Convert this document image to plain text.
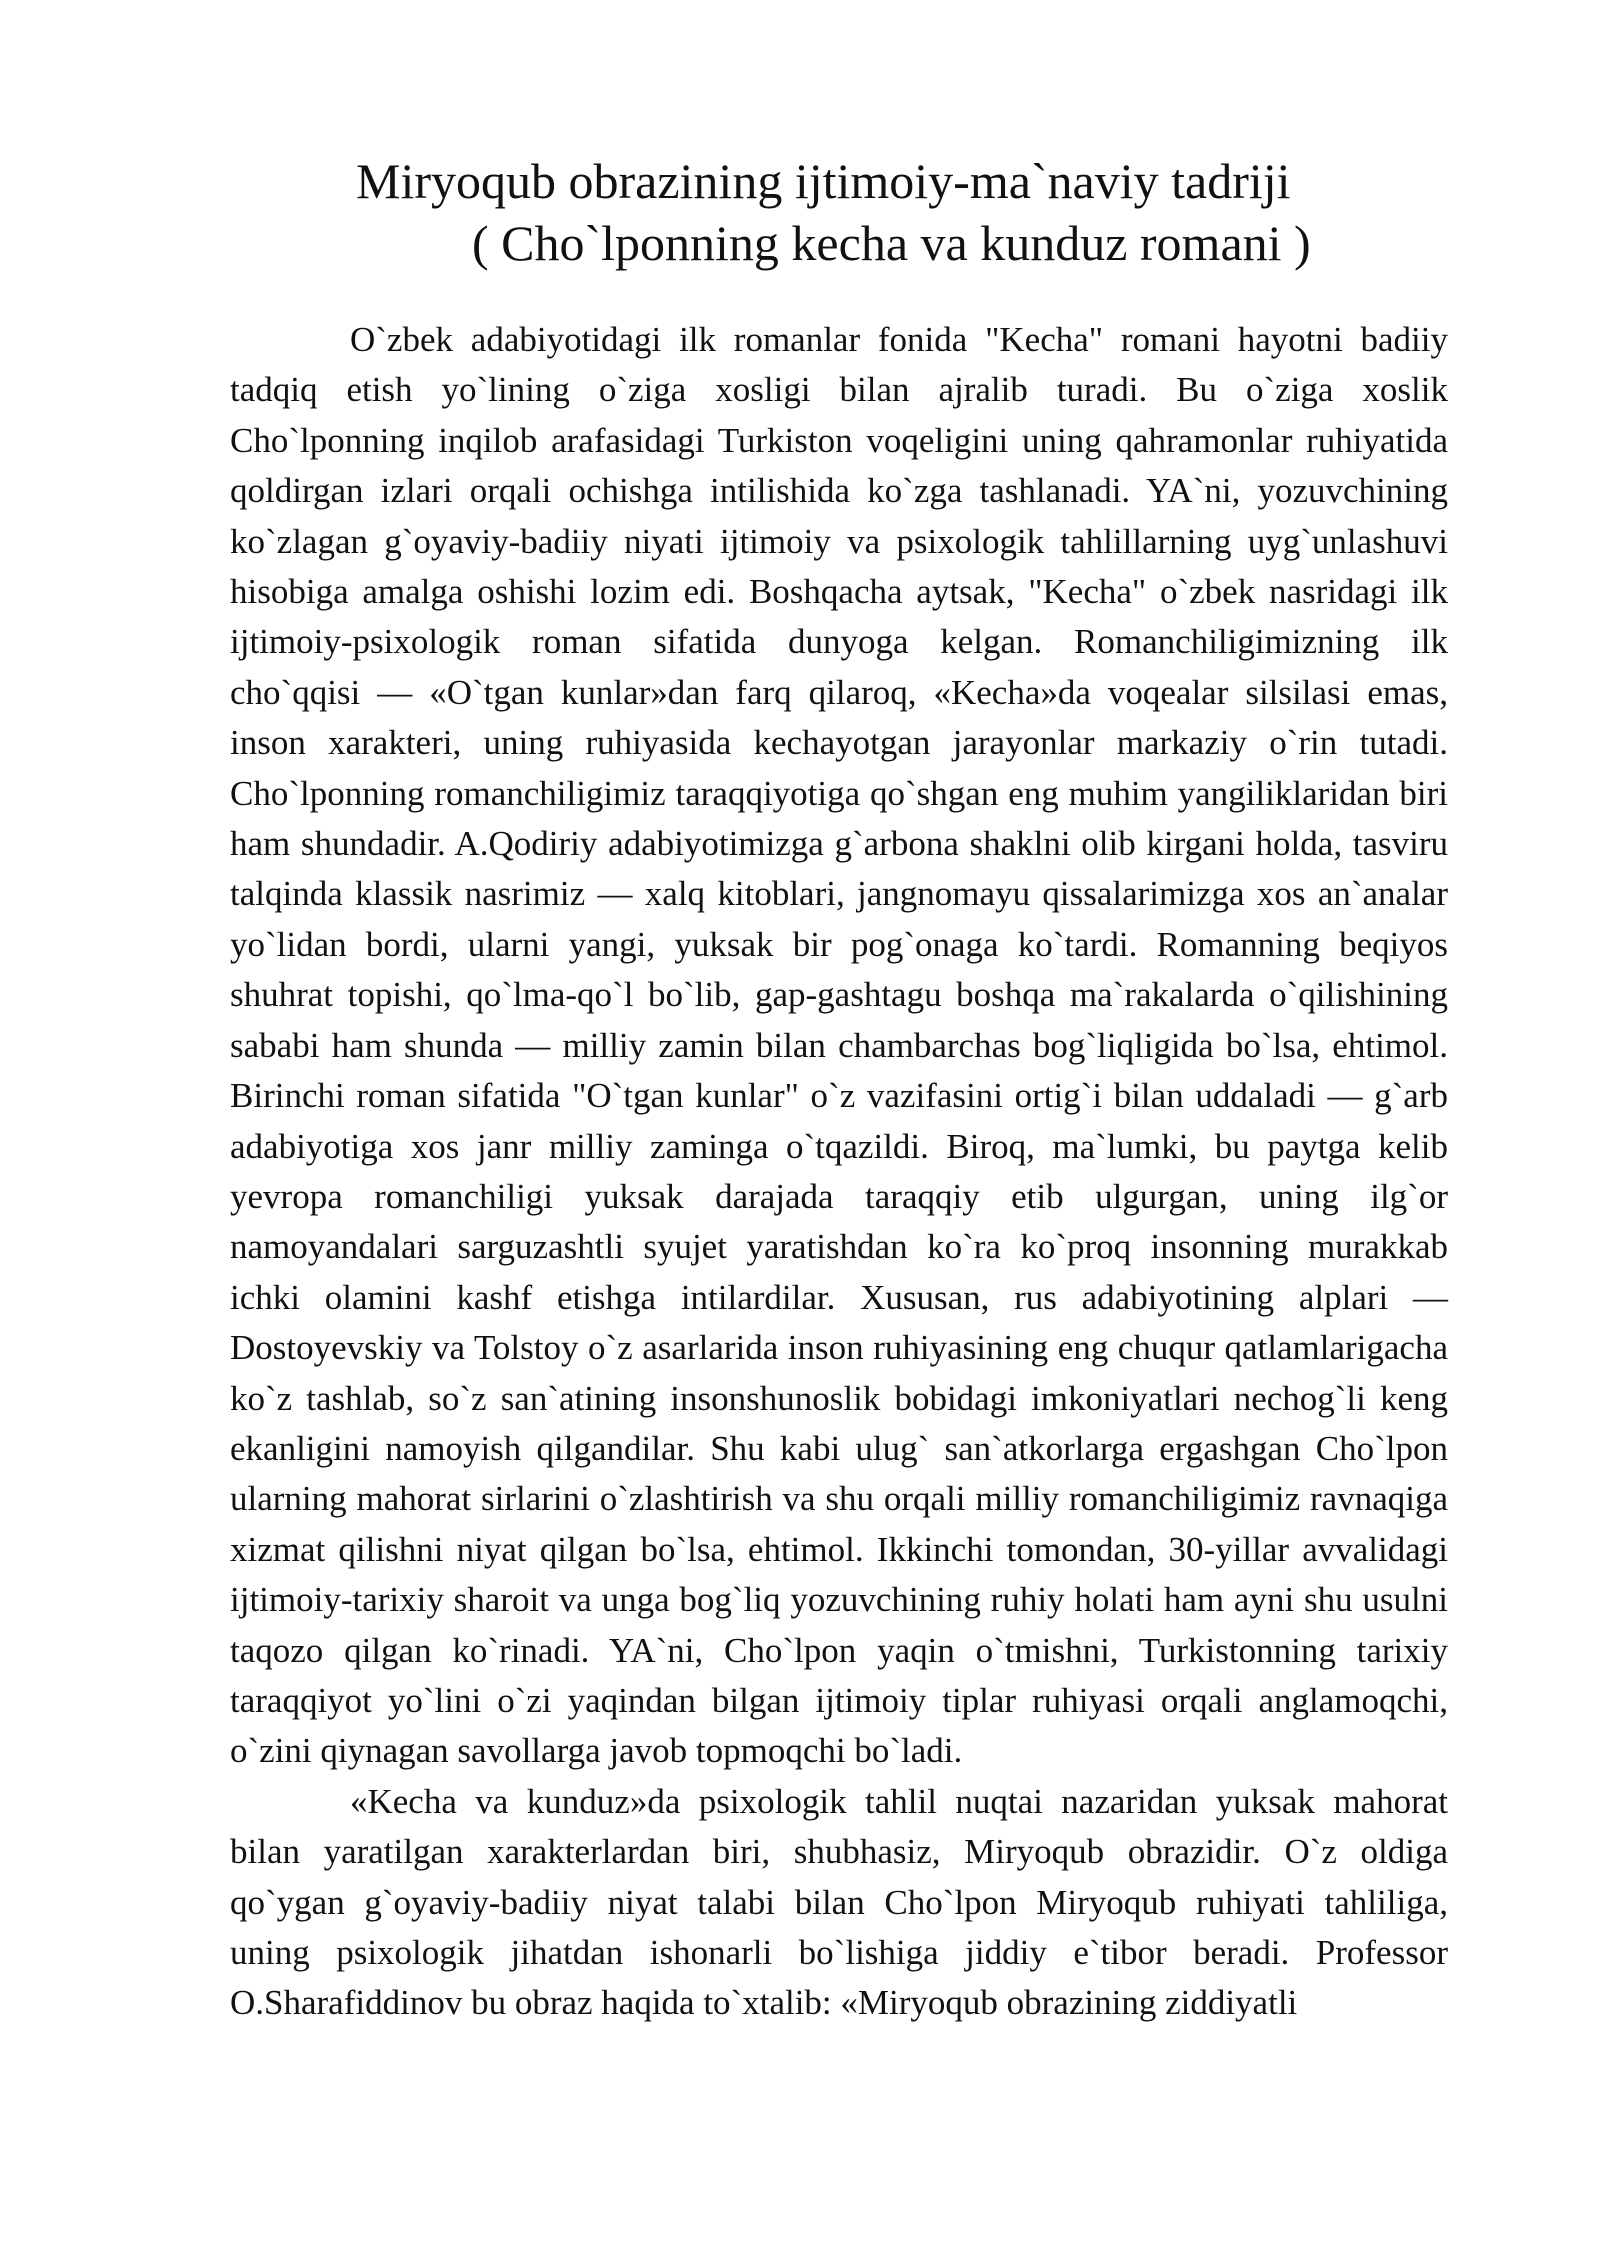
Miryoqub obrazining ijtimoiy-ma`naviy tadriji
( Cho`lponning kecha va kunduz romani )

O`zbek adabiyotidagi ilk romanlar fonida "Kecha" romani hayotni badiiy tadqiq etish yo`lining o`ziga xosligi bilan ajralib turadi. Bu o`ziga xoslik Cho`lponning inqilob arafasidagi Turkiston voqeligini uning qahramonlar ruhiyatida qoldirgan izlari orqali ochishga intilishida ko`zga tashlanadi. YA`ni, yozuvchining ko`zlagan g`oyaviy-badiiy niyati ijtimoiy va psixologik tahlillarning uyg`unlashuvi hisobiga amalga oshishi lozim edi. Boshqacha aytsak, "Kecha" o`zbek nasridagi ilk ijtimoiy-psixologik roman sifatida dunyoga kelgan. Romanchiligimizning ilk cho`qqisi — «O`tgan kunlar»dan farq qilaroq, «Kecha»da voqealar silsilasi emas, inson xarakteri, uning ruhiyasida kechayotgan jarayonlar markaziy o`rin tutadi. Cho`lponning romanchiligimiz taraqqiyotiga qo`shgan eng muhim yangiliklaridan biri ham shundadir. A.Qodiriy adabiyotimizga g`arbona shaklni olib kirgani holda, tasviru talqinda klassik nasrimiz — xalq kitoblari, jangnomayu qissalarimizga xos an`analar yo`lidan bordi, ularni yangi, yuksak bir pog`onaga ko`tardi. Romanning beqiyos shuhrat topishi, qo`lma-qo`l bo`lib, gap-gashtagu boshqa ma`rakalarda o`qilishining sababi ham shunda — milliy zamin bilan chambarchas bog`liqligida bo`lsa, ehtimol. Birinchi roman sifatida "O`tgan kunlar" o`z vazifasini ortig`i bilan uddaladi — g`arb adabiyotiga xos janr milliy zaminga o`tqazildi. Biroq, ma`lumki, bu paytga kelib yevropa romanchiligi yuksak darajada taraqqiy etib ulgurgan, uning ilg`or namoyandalari sarguzashtli syujet yaratishdan ko`ra ko`proq insonning murakkab ichki olamini kashf etishga intilardilar. Xususan, rus adabiyotining alplari — Dostoyevskiy va Tolstoy o`z asarlarida inson ruhiyasining eng chuqur qatlamlarigacha ko`z tashlab, so`z san`atining insonshunoslik bobidagi imkoniyatlari nechog`li keng ekanligini namoyish qilgandilar. Shu kabi ulug` san`atkorlarga ergashgan Cho`lpon ularning mahorat sirlarini o`zlashtirish va shu orqali milliy romanchiligimiz ravnaqiga xizmat qilishni niyat qilgan bo`lsa, ehtimol. Ikkinchi tomondan, 30-yillar avvalidagi ijtimoiy-tarixiy sharoit va unga bog`liq yozuvchining ruhiy holati ham ayni shu usulni taqozo qilgan ko`rinadi. YA`ni, Cho`lpon yaqin o`tmishni, Turkistonning tarixiy taraqqiyot yo`lini o`zi yaqindan bilgan ijtimoiy tiplar ruhiyasi orqali anglamoqchi, o`zini qiynagan savollarga javob topmoqchi bo`ladi.

«Kecha va kunduz»da psixologik tahlil nuqtai nazaridan yuksak mahorat bilan yaratilgan xarakterlardan biri, shubhasiz, Miryoqub obrazidir. O`z oldiga qo`ygan g`oyaviy-badiiy niyat talabi bilan Cho`lpon Miryoqub ruhiyati tahliliga, uning psixologik jihatdan ishonarli bo`lishiga jiddiy e`tibor beradi. Professor O.Sharafiddinov bu obraz haqida to`xtalib: «Miryoqub obrazining ziddiyatli
